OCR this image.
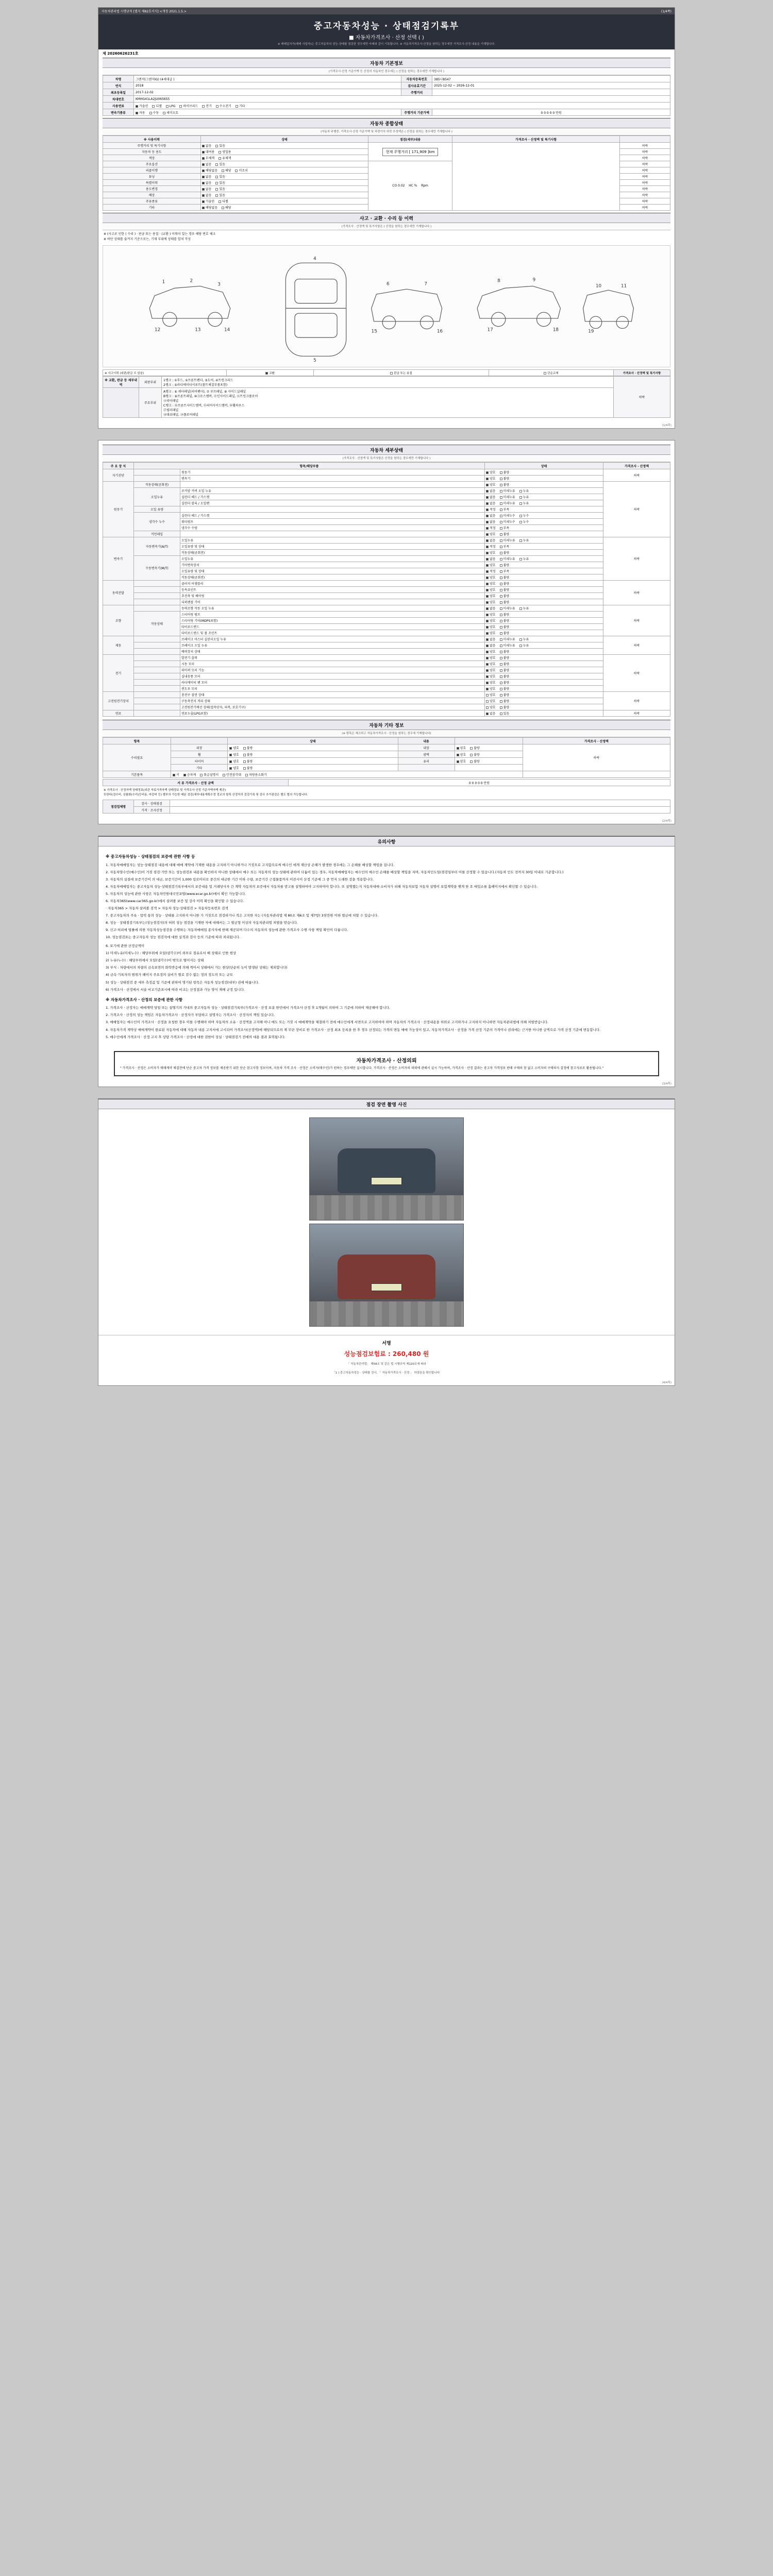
자동차관리법 시행규칙 [별지 제82호서식] <개정 2021.1.5.>	(1/4쪽)
중고자동차성능 · 상태점검기록부
■ 자동차가격조사 · 산정 선택 ( )
※ 매매업자가(매매 사업자)는 중고자동차의 성능·상태를 점검한 경우에만 아래와 같이 기록합니다. ※ 자동차가격조사·산정을 원하는 경우에만 가격조사·산정 내용을 기재합니다.
제 20260626231호
자동차 기본정보
(가격조사·산정 기준가액 등 산정의 자동차인 경우에는 ( 산정을 원하는 경우에만 기재합니다 )
차명	그랜저(그랜저IG) (4세대급 )	자동차등록번호	385나8547
연식	2018	검사유효기간	2025-12-02 ~ 2026-12-01
최초등록일	2017-12-02	주행거리	
차대번호	KMHG41LA2JU065655		
사용연료	가솔린 디젤 LPG 하이브리드 전기 수소전기 기타		
변속기종류	자동 수동 세미오토	주행거리 기준가액	0 0 0 0 0 만원
자동차 종합상태
(자동차 주행중, 가격조사·산정 기준가액 및 차량가치 하락 추정액은 ( 산정을 원하는 경우에만 기재합니다 )
※ 사용이력	상태	점검(세부)내용	가격조사 · 산정액 및 특기사항	
주행거리 및 특기사항	없음 있음	현재 주행거리 [ 171,909 ]km		하락
자동차 등 용도	대여용 영업용			하락
색상	무채색 유채색			하락
주요옵션	없음 있음	CO 0.02 HC % Rpm		하락
리콜이행	해당없음 해당 미조치			하락
튜닝	없음 있음			하락
특별이력	없음 있음			하락
용도변경	없음 있음			하락
배상	없음 있음			하락
주유종류	가솔린 디젤			하락
기타	해당없음 해당			하락
사고 · 교환 · 수리 등 이력
(가격조사 · 산정액 및 특기사항은 ( 산정을 원하는 경우에만 기재합니다 )
※ (사고로 인한 ( 수리 ) · 판금 또는 용접 · (교환 ) 이력이 있는 경우 해당 번호 체크
※ 하단 상태를 숨겨지 기준으로는, 기재 부위에 상태를 합쳐 작성
1	2
3
4
5
6	7
8	9
10	11
12	13	14	15	16	17	18	19
※ 사고이력 (외판/판금 수 있음)	교환	판금 또는 용접	단순교체	가격조사 · 산정액 및 특기사항
※ 교환, 판금 등 세부내역	외판부위	1랭크 : ①후드, ②프론트펜더, ③도어, ④트렁크리드
2랭크 : ⑤라디에이터서포트(볼트체결부품포함)	하락
	주요부위	
A랭크 : ⑥ 쿼터패널(리어펜더), ⑦ 루프패널, ⑧ 사이드실패널
B랭크 : ⑨프론트패널, ⑩크로스멤버, ⑪인사이드패널, ⑫트렁크플로어
⑬리어패널
C랭크 : ⑭프론트사이드멤버, ⑮리어사이드멤버, ⑯휠하우스
⑰필러패널
⑱대쉬패널, ⑲플로어패널
(1/4쪽)
자동차 세부상태
(가격조사 · 산정액 및 특기사항은 산정을 원하는 경우에만 기재합니다 )
주 요 장 치	항목/해당부품		상태	가격조사 · 산정액
자기진단		원동기	양호 불량	하락
		변속기	양호 불량	
원동기	작동상태(공회전)		양호 불량	하락
	오일누유	로커암 커버 오일 누유	없음 미세누유 누유	
		실린더 헤드 / 가스켓	없음 미세누유 누유	
		실린더 블록 / 오일팬	없음 미세누유 누유	
	오일 유량		적정 부족	
	냉각수 누수	실린더 헤드 / 가스켓	없음 미세누수 누수	
		워터펌프	없음 미세누수 누수	
		냉각수 수량	적정 부족	
	커먼레일		양호 불량	
변속기	자동변속기(A/T)	오일누유	없음 미세누유 누유	하락
		오일유량 및 상태	적정 부족	
		작동상태(공회전)	양호 불량	
	수동변속기(M/T)	오일누유	없음 미세누유 누유	
		기어변속장치	양호 불량	
		오일유량 및 상태	적정 부족	
		작동상태(공회전)	양호 불량	
동력전달		클러치 어셈블리	양호 불량	하락
		등속죠인트	양호 불량	
		추진축 및 베어링	양호 불량	
		디퍼렌셜 기어	양호 불량	
조향		동력조향 작동 오일 누유	없음 미세누유 누유	하락
	작동상태	스티어링 펌프	양호 불량	
		스티어링 기어(MDPS포함)	양호 불량	
		타이로드엔드	양호 불량	
		타이로드엔드 및 볼 조인트	양호 불량	
제동		브레이크 마스터 실린더오일 누유	없음 미세누유 누유	하락
		브레이크 오일 누유	없음 미세누유 누유	
		배력장치 상태	양호 불량	
전기		발전기 출력	양호 불량	하락
		시동 모터	양호 불량	
		와이퍼 모터 기능	양호 불량	
		실내송풍 모터	양호 불량	
		라디에이터 팬 모터	양호 불량	
		윈도우 모터	양호 불량	
고전원전기장치		충전구 절연 상태	양호 불량	하락
		구동축전지 격리 상태	양호 불량	
		고전원전기배선 상태(접속단자, 피복, 보호기구)	양호 불량	
연료		연료누출(LPG포함)	없음 있음	하락
자동차 기타 정보
(※ 항목은 체크하고 자동차가격조사 · 산정을 원하는 경우에 기재합니다)
항목		상태	내용		가격조사 · 산정액
수리필요	외장	양호 불량	내장	양호 불량	하락
	휠	양호 불량	광택	양호 불량	
	타이어	양호 불량	유리	양호 불량	
	기타	양호 불량			
기본품목	키 승차계 취급설명서 안전삼각대 차량용소화기				
서 류 가격조사 · 산정 금액	0 0 0 0 0 만원
※ 가격조사 · 산정자액 상태정보(외관 자료가격자액 상태정보 및 가격조사 산정 기준가액자액 제공)
또한다(검수비, 상품화(수리)등비용, 마감비 등) 별부의 가능한 매분 검검(세부내용계획수정 정교의 항목 산정자의 검검기록 및 검사 추가점검은 별도 협의 가능합니다.
점검업체명	검사 · 상태점검	
	가격 · 조사산정	
(2/4쪽)
유의사항
※ 중고자동차성능 · 상태점검의 보증에 관한 사항 등

1. 자동차매매업자는 성능·상태점검 내용에 대해 매매 계약에 기재한 내용을 고지하기 아니하거나 거짓으로 고지함으로써 매수인 에게 재산상 손해가 발생한 경우에는 그 손해를 배상할 책임을 집니다.

2. 자동차양수인(매수인)이 거짓 점검·기만 또는 성능점검표 내용을 확인하지 아니한 상태에서 매수 또는 자동차의 성능·상태에 관하여 다툼이 있는 경우, 자동차매매업자는 매수인의 매수인 손해를 배상할 책임을 지며, 자동차인도일(점검일부터 이를 산정할 수 있습니다.(자동차 인도 전까지 30일 이내로 기준합니다.)

3. 자동차의 실질에 보증기간이 의 대금, 보증기간이 1,000 킬로미터로 중간의 대금한 기간 이하 수량, 보증기간 근접물품까지 이전시이 산정 기준에 그 중 먼저 도래한 것을 적용합니다.

4. 자동차매매업자는 중고자동차 성능·상태점검기록부에서의 보증내용 및 거래당사자 간 계약 자동차의 보증에서 자동차를 받고를 설명하여야 고지하여야 합니다. 또 설명했는지 자동차대매·소비자가 피해 자동차보험 자동차 설명이 보험계약을 맺게 한 호 매입소를 홈페이지에서 확인할 수 있습니다.

5. 자동차의 성능에 관한 사항은 자동차민원대국민포털(www.ecar.go.kr)에서 확인 가능합니다.

6. 자동차365(www.car365.go.kr)에서 살펴볼 보증 및 강사 이력 확인을 확인할 수 있습니다.

· 자동차365 > 자동차 살펴볼 검색 > 자동차 성능·상태점검 > 자동차등록번호 검색

7. 중고자동차의 주유 · 압력 통의 성능 · 상태를 고지하지 아니한 가 거짓으로 점검하거나 적은 고지한 자는 (자동차관리법 제 80조 제6조 및 제7항) 3천만원 이하 벌금에 처할 수 있습니다.

8. 성능 · 상태점검기록부는(성능점검자)의 허위 성능 점검을 기재한 자에 대해서는 그 벌금형 이상의 자동차관리법 처벌을 받습니다.

9. 신고·처리에 법률에 의한 자동차성능점검을 수행하는 자동차매매업 종사자에 한해 제공되며 다수의 자동차의 성능에 관한 가격조사 수행 사항 책임 확인이 다릅니다.

10. 성능점검표는 중고자동차 성능 점검자에 대한 실적과 검사 등의 기준에 따라 처리됩니다.

6. 보기에 관한 산정금액이

1) 미세누유(미세누수) : 해당부위에 오일(냉각수)이 외부로 점유로서 배 상태로 인한 현상

2) 누유(누수) : 해당부위에서 오일(냉각수)이 밖으로 떨어지는 상태

3) 부식 : 차량에서의 차량의 금속표면의 화학반응에 의해 썩어서 상태에서 가는 현상(단순히 녹이 발생된 상태는 제외합니다)

4) 금속·기록자의 범위가 페이지 주요정의 실비가 별로 검수 없는 정의 정도의 또는 규모

5) 성능 · 상태점검 중 세부 측정값 및 기준에 관하여 명기된 항목은 자동차 성능점검(내부) 권에 따릅니다.

6) 가격조사 · 산정에서 서술 비교기준표시에 따라 비교는 산정결과 가능 양식 재해 규정 입니다.

※ 자동차가격조사 · 산정의 보증에 관한 사항

1. 가격조사 · 산정자는 매매계약 당일 또는 설명기의 가내의 중고자동차 성능 · 상태점검기록부(가격조사 · 산정 보분 한민에서 가격조사 산정 후 1개월이 의하여 그 기준에 의하여 제공해야 합니다.

2. 가격조사 · 산정의 성능 책임은 자동차가격조사 · 산정자가 부담하고 설명자는 가격조사 · 산정자의 책임 있습니다.

3. 매매업자는 매수인이 가격조사 · 산정을 요청한 경우 이를 수행해야 하며 자동차의 소유 · 산정액을 고지해 아니 매도 또는 거짓 시 매매계약을 체결하기 전에 매수인에게 서면으로 고지하여야 하며 자동차의 가격조사 · 산정내용을 허위로 고지하거나 고지하지 아니하면 자동차관리법에 의해 처벌받습니다.

4. 자동차가격 계약상 매매계약이 완료된 자동차에 대해 자동차 내용 고지서에 고시되어 가격조사(산정액)에 해당되므로의 재 무단 장비로 한 가격조사 · 산정 최초 등록을 한 후 경우 산정되는 가격의 변동 매매 가능성이 있고, 자동차가격조사 · 산정을 가격 산정 기준의 가격이나 권리에는 근거한 아니한 금액으로 가격 산정 기준에 변동합니다.

5. 매수인에게 가격조사 · 산정 고지 후 상담 가격조사 · 산정에 대한 권한이 상실 · 상태점검기 전에의 대용 결과 효력됩니다.

자동차가격조사 · 산정의뢰
" 가격조사 · 산정은 소비자가 매매계약 체결전에 단순 중고차 가격 정보를 제공받기 위한 단순 참고사항 정보이며, 자동차 가격 조사 · 산정은 소비자(매수인)가 원하는 경우에만 실시합니다. 가격조사 · 산정은 소비자의 의뢰에 관해서 실시 가능하며, 가격조사 · 산정 결과는 중고차 가격정보 판매 구매의 참 없고 소비자의 구매의사 결정에 참고자료로 활용됩니다."
(3/4쪽)
점검 장면 촬영 사진
서명
성능점검보험료 : 260,480 원
「 자동차관리법」 제58조 및 같은 법 시행규칙 제120조에 따라
「1 ) 중고자동차성능 · 상태를 검사, 「 자동차가격조사 · 산정 」 하였음을 확인합니다.
(4/4쪽)
